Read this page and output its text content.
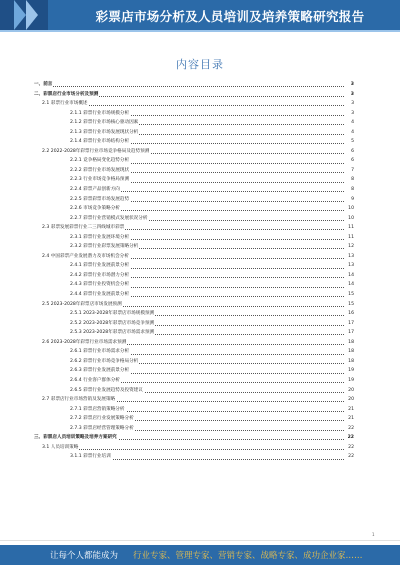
彩票店市场分析及人员培训及培养策略研究报告
内容目录
一、前言	3
二、彩票店行业市场分析及预测	3
2.1 彩票行业市场概述	3
2.1.1 彩票行业市场规模分析	3
2.1.2 彩票行业市场核心驱动因素	4
2.1.3 彩票行业市场发展现状分析	4
2.1.4 彩票行业市场结构分析	5
2.2 2022-2028年彩票行业市场竞争格局及趋势预测	6
2.2.1 竞争格局变化趋势分析	6
2.2.2 彩票行业市场发展现状	7
2.2.3 行业市场竞争格局预测	8
2.2.4 彩票产品创新方向	8
2.2.5 彩票彩票市场发展趋势	9
2.2.6 市场竞争策略分析	10
2.2.7 彩票行业营销模式发展状况分析	10
2.3 彩票发展彩票行业二三四线城市彩票	11
2.3.1 彩票行业发展环境分析	11
2.3.2 彩票行业彩票发展策略分析	12
2.4 中国彩票产业发展潜力及市场机会分析	13
2.4.1 彩票行业发展前景分析	13
2.4.2 彩票行业市场潜力分析	14
2.4.3 彩票行业投资机会分析	14
2.4.4 彩票行业发展前景分析	15
2.5 2023-2028年彩票店市场发展预测	15
2.5.1 2023-2028年彩票店市场规模预测	16
2.5.2 2023-2028年彩票店市场竞争预测	17
2.5.3 2023-2028年彩票店市场需求预测	17
2.6 2023-2028年彩票行业市场需求预测	18
2.6.1 彩票行业市场需求分析	18
2.6.2 彩票行业市场竞争格局分析	18
2.6.3 彩票行业发展前景分析	19
2.6.4 行业客户群体分析	19
2.6.5 彩票行业发展趋势及投资建议	20
2.7 彩票店行业市场营销及发展策略	20
2.7.1 彩票店营销策略分析	21
2.7.2 彩票店行业发展策略分析	21
2.7.3 彩票店经营管理策略分析	22
三、彩票店人员培训策略及培养方案研究	22
3.1 人员培训策略	22
3.1.1 彩票行业培训	22
1
让每个人都能成为 行业专家、管理专家、营销专家、战略专家、成功企业家……
